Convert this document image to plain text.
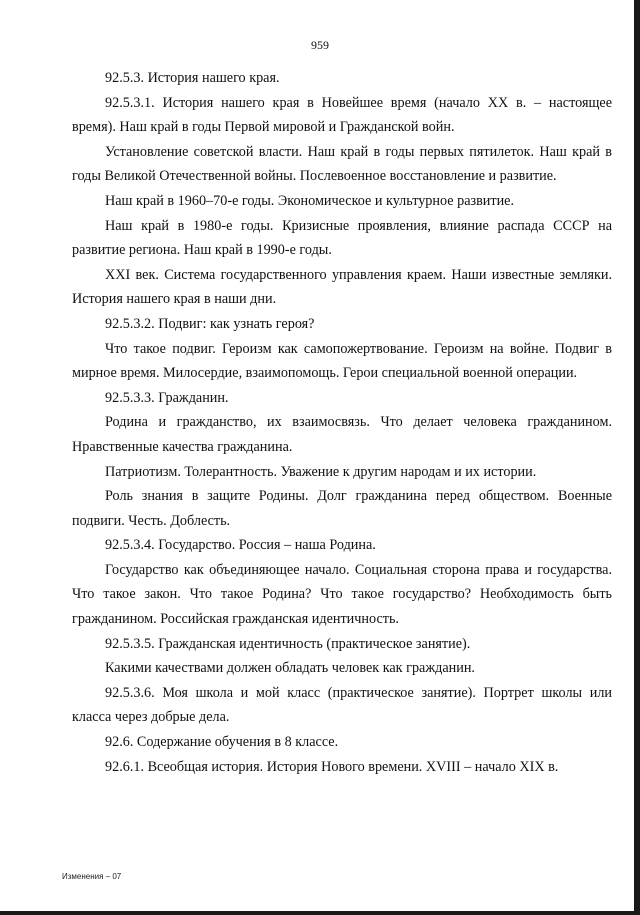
959

92.5.3. История нашего края.

92.5.3.1. История нашего края в Новейшее время (начало XX в. – настоящее время). Наш край в годы Первой мировой и Гражданской войн.

Установление советской власти. Наш край в годы первых пятилеток. Наш край в годы Великой Отечественной войны. Послевоенное восстановление и развитие.

Наш край в 1960–70-е годы. Экономическое и культурное развитие.

Наш край в 1980-е годы. Кризисные проявления, влияние распада СССР на развитие региона. Наш край в 1990-е годы.

XXI век. Система государственного управления краем. Наши известные земляки. История нашего края в наши дни.

92.5.3.2. Подвиг: как узнать героя?

Что такое подвиг. Героизм как самопожертвование. Героизм на войне. Подвиг в мирное время. Милосердие, взаимопомощь. Герои специальной военной операции.

92.5.3.3. Гражданин.

Родина и гражданство, их взаимосвязь. Что делает человека гражданином. Нравственные качества гражданина.

Патриотизм. Толерантность. Уважение к другим народам и их истории.

Роль знания в защите Родины. Долг гражданина перед обществом. Военные подвиги. Честь. Доблесть.

92.5.3.4. Государство. Россия – наша Родина.

Государство как объединяющее начало. Социальная сторона права и государства. Что такое закон. Что такое Родина? Что такое государство? Необходимость быть гражданином. Российская гражданская идентичность.

92.5.3.5. Гражданская идентичность (практическое занятие).

Какими качествами должен обладать человек как гражданин.

92.5.3.6. Моя школа и мой класс (практическое занятие). Портрет школы или класса через добрые дела.

92.6. Содержание обучения в 8 классе.

92.6.1. Всеобщая история. История Нового времени. XVIII – начало XIX в.

Изменения – 07
